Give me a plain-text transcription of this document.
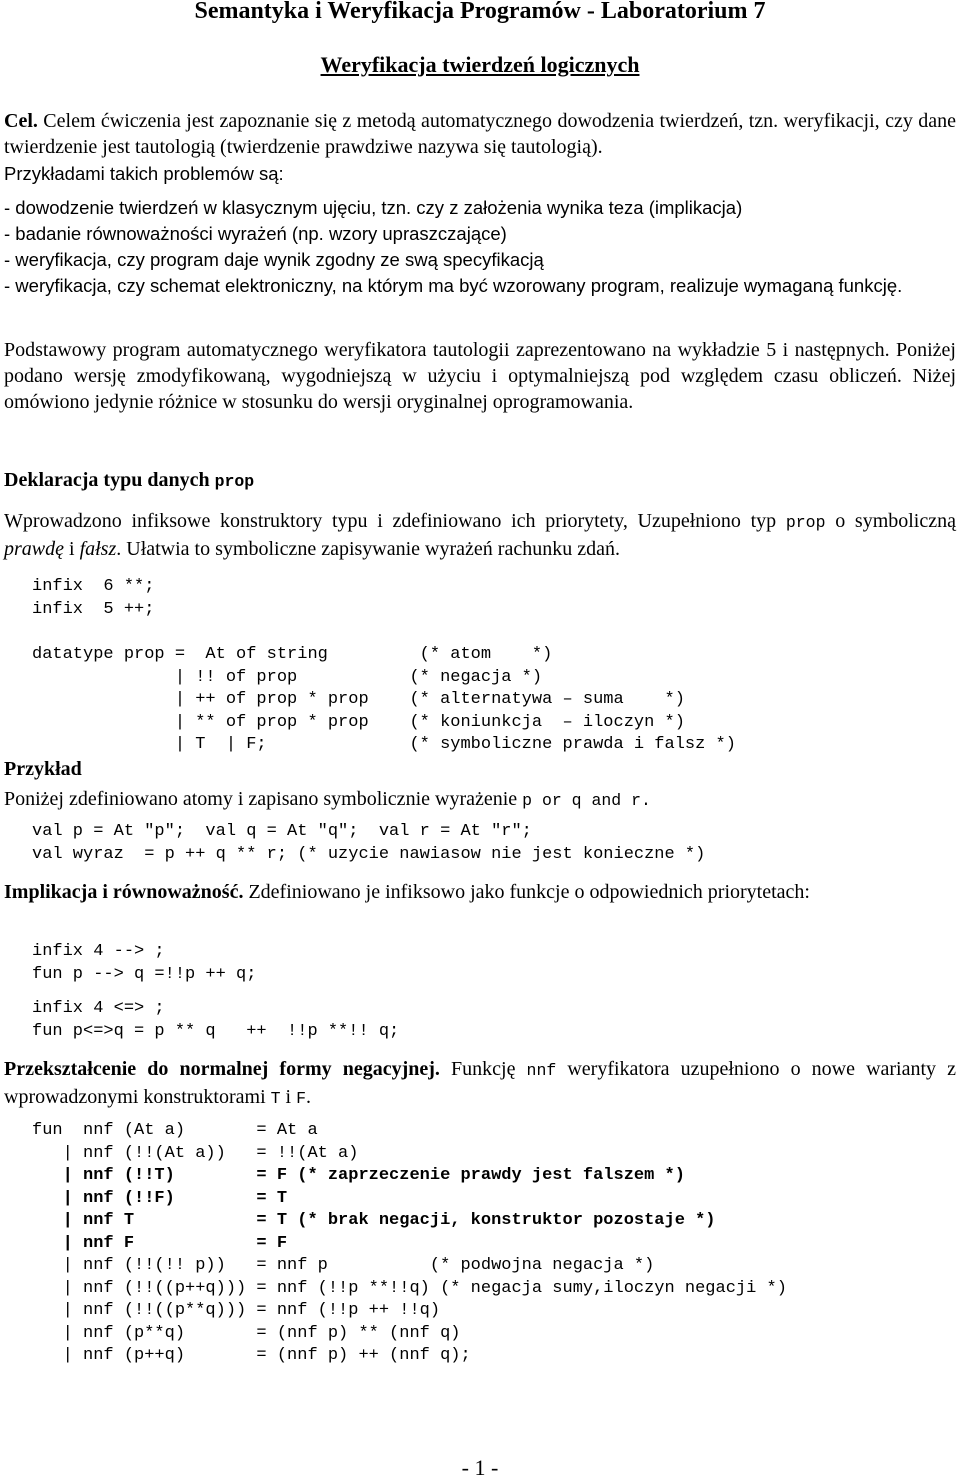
Semantyka i Weryfikacja Programów - Laboratorium 7
Weryfikacja twierdzeń logicznych
Cel. Celem ćwiczenia jest zapoznanie się z metodą automatycznego dowodzenia twierdzeń, tzn. weryfikacji, czy dane twierdzenie jest tautologią (twierdzenie prawdziwe nazywa się tautologią).
Przykładami takich problemów są:
- dowodzenie twierdzeń w klasycznym ujęciu, tzn. czy z założenia wynika teza (implikacja)
- badanie równoważności wyrażeń (np. wzory upraszczające)
- weryfikacja, czy program daje wynik zgodny ze swą specyfikacją
- weryfikacja, czy schemat elektroniczny, na którym ma być wzorowany program, realizuje wymaganą funkcję.
Podstawowy program automatycznego weryfikatora tautologii zaprezentowano na wykładzie 5 i następnych. Poniżej podano wersję zmodyfikowaną, wygodniejszą w użyciu i optymalniejszą pod względem czasu obliczeń. Niżej omówiono jedynie różnice w stosunku do wersji oryginalnej oprogramowania.
Deklaracja typu danych prop
Wprowadzono infiksowe konstruktory typu i zdefiniowano ich priorytety, Uzupełniono typ prop o symboliczną prawdę i fałsz. Ułatwia to symboliczne zapisywanie wyrażeń rachunku zdań.
infix  6 **;
infix  5 ++;
datatype prop =  At of string         (* atom    *)
| !! of prop           (* negacja *)
| ++ of prop * prop    (* alternatywa – suma    *)
| ** of prop * prop    (* koniunkcja  – iloczyn *)
| T  | F;              (* symboliczne prawda i falsz *)
Przykład
Poniżej zdefiniowano atomy i zapisano symbolicznie wyrażenie p or q and r.
val p = At "p";  val q = At "q";  val r = At "r";
val wyraz  = p ++ q ** r; (* uzycie nawiasow nie jest konieczne *)
Implikacja i równoważność. Zdefiniowano je infiksowo jako funkcje o odpowiednich priorytetach:
infix 4 --> ;
fun p --> q =!!p ++ q;
infix 4 <=> ;
fun p<=>q = p ** q   ++  !!p **!! q;
Przekształcenie do normalnej formy negacyjnej. Funkcję nnf weryfikatora uzupełniono o nowe warianty z wprowadzonymi konstruktorami T i F.
fun  nnf (At a)       = At a
| nnf (!!(At a))   = !!(At a)
| nnf (!!T)        = F (* zaprzeczenie prawdy jest falszem *)
| nnf (!!F)        = T
| nnf T            = T (* brak negacji, konstruktor pozostaje *)
| nnf F            = F
| nnf (!!(!! p))   = nnf p          (* podwojna negacja *)
| nnf (!!((p++q))) = nnf (!!p **!!q) (* negacja sumy,iloczyn negacji *)
| nnf (!!((p**q))) = nnf (!!p ++ !!q)
| nnf (p**q)       = (nnf p) ** (nnf q)
| nnf (p++q)       = (nnf p) ++ (nnf q);
- 1 -
